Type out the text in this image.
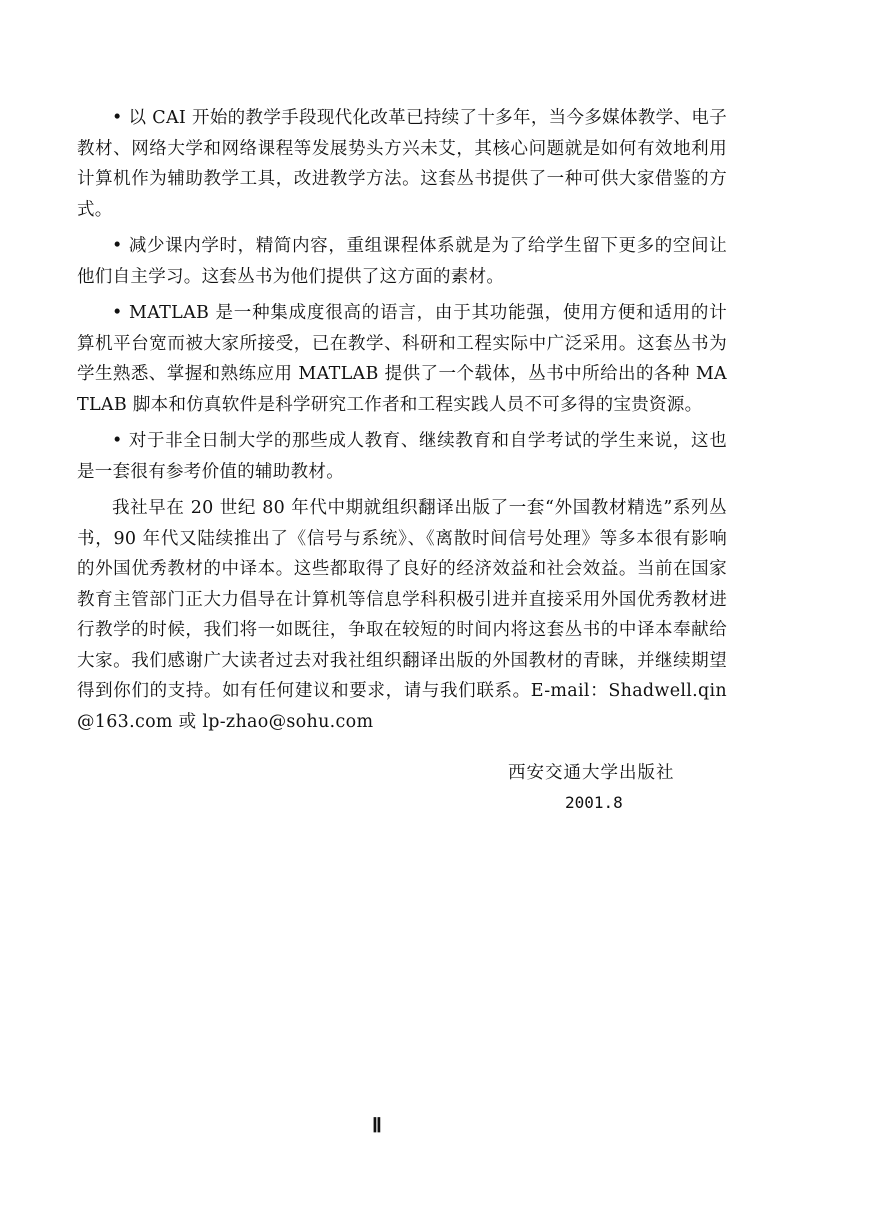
• 以 CAI 开始的教学手段现代化改革已持续了十多年，当今多媒体教学、电子教材、网络大学和网络课程等发展势头方兴未艾，其核心问题就是如何有效地利用计算机作为辅助教学工具，改进教学方法。这套丛书提供了一种可供大家借鉴的方式。

• 减少课内学时，精简内容，重组课程体系就是为了给学生留下更多的空间让他们自主学习。这套丛书为他们提供了这方面的素材。

• MATLAB 是一种集成度很高的语言，由于其功能强，使用方便和适用的计算机平台宽而被大家所接受，已在教学、科研和工程实际中广泛采用。这套丛书为学生熟悉、掌握和熟练应用 MATLAB 提供了一个载体，丛书中所给出的各种 MATLAB 脚本和仿真软件是科学研究工作者和工程实践人员不可多得的宝贵资源。

• 对于非全日制大学的那些成人教育、继续教育和自学考试的学生来说，这也是一套很有参考价值的辅助教材。

我社早在 20 世纪 80 年代中期就组织翻译出版了一套“外国教材精选”系列丛书，90 年代又陆续推出了《信号与系统》、《离散时间信号处理》等多本很有影响的外国优秀教材的中译本。这些都取得了良好的经济效益和社会效益。当前在国家教育主管部门正大力倡导在计算机等信息学科积极引进并直接采用外国优秀教材进行教学的时候，我们将一如既往，争取在较短的时间内将这套丛书的中译本奉献给大家。我们感谢广大读者过去对我社组织翻译出版的外国教材的青睐，并继续期望得到你们的支持。如有任何建议和要求，请与我们联系。E-mail：Shadwell.qin@163.com 或 lp-zhao@sohu.com

西安交通大学出版社
2001.8
Ⅱ
